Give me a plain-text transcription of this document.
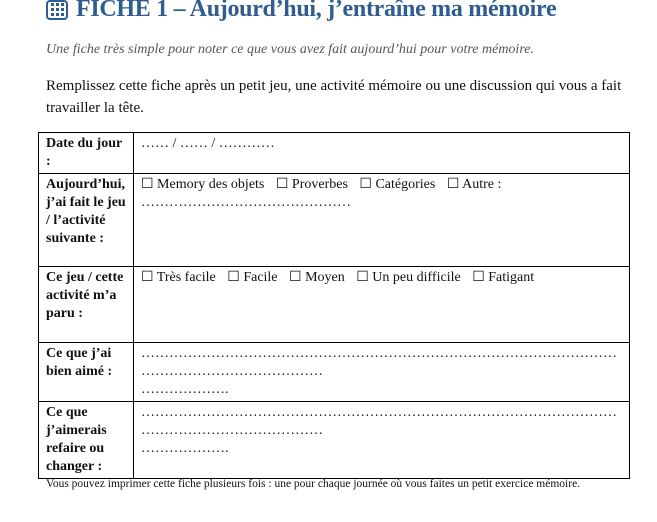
FICHE 1 – Aujourd’hui, j’entraîne ma mémoire
Une fiche très simple pour noter ce que vous avez fait aujourd’hui pour votre mémoire.
Remplissez cette fiche après un petit jeu, une activité mémoire ou une discussion qui vous a fait travailler la tête.
Date du jour :	…… / …… / …………
Aujourd’hui, j’ai fait le jeu / l’activité suivante :	☐ Memory des objets ☐ Proverbes ☐ Catégories ☐ Autre :
………………………………………

Ce jeu / cette activité m’a paru :	☐ Très facile ☐ Facile ☐ Moyen ☐ Un peu difficile ☐ Fatigant
Ce que j’ai bien aimé :	……………………………………………………………………………………………………………………………
……………….

Ce que j’aimerais refaire ou changer :	……………………………………………………………………………………………………………………………
……………….
Vous pouvez imprimer cette fiche plusieurs fois : une pour chaque journée où vous faites un petit exercice mémoire.
